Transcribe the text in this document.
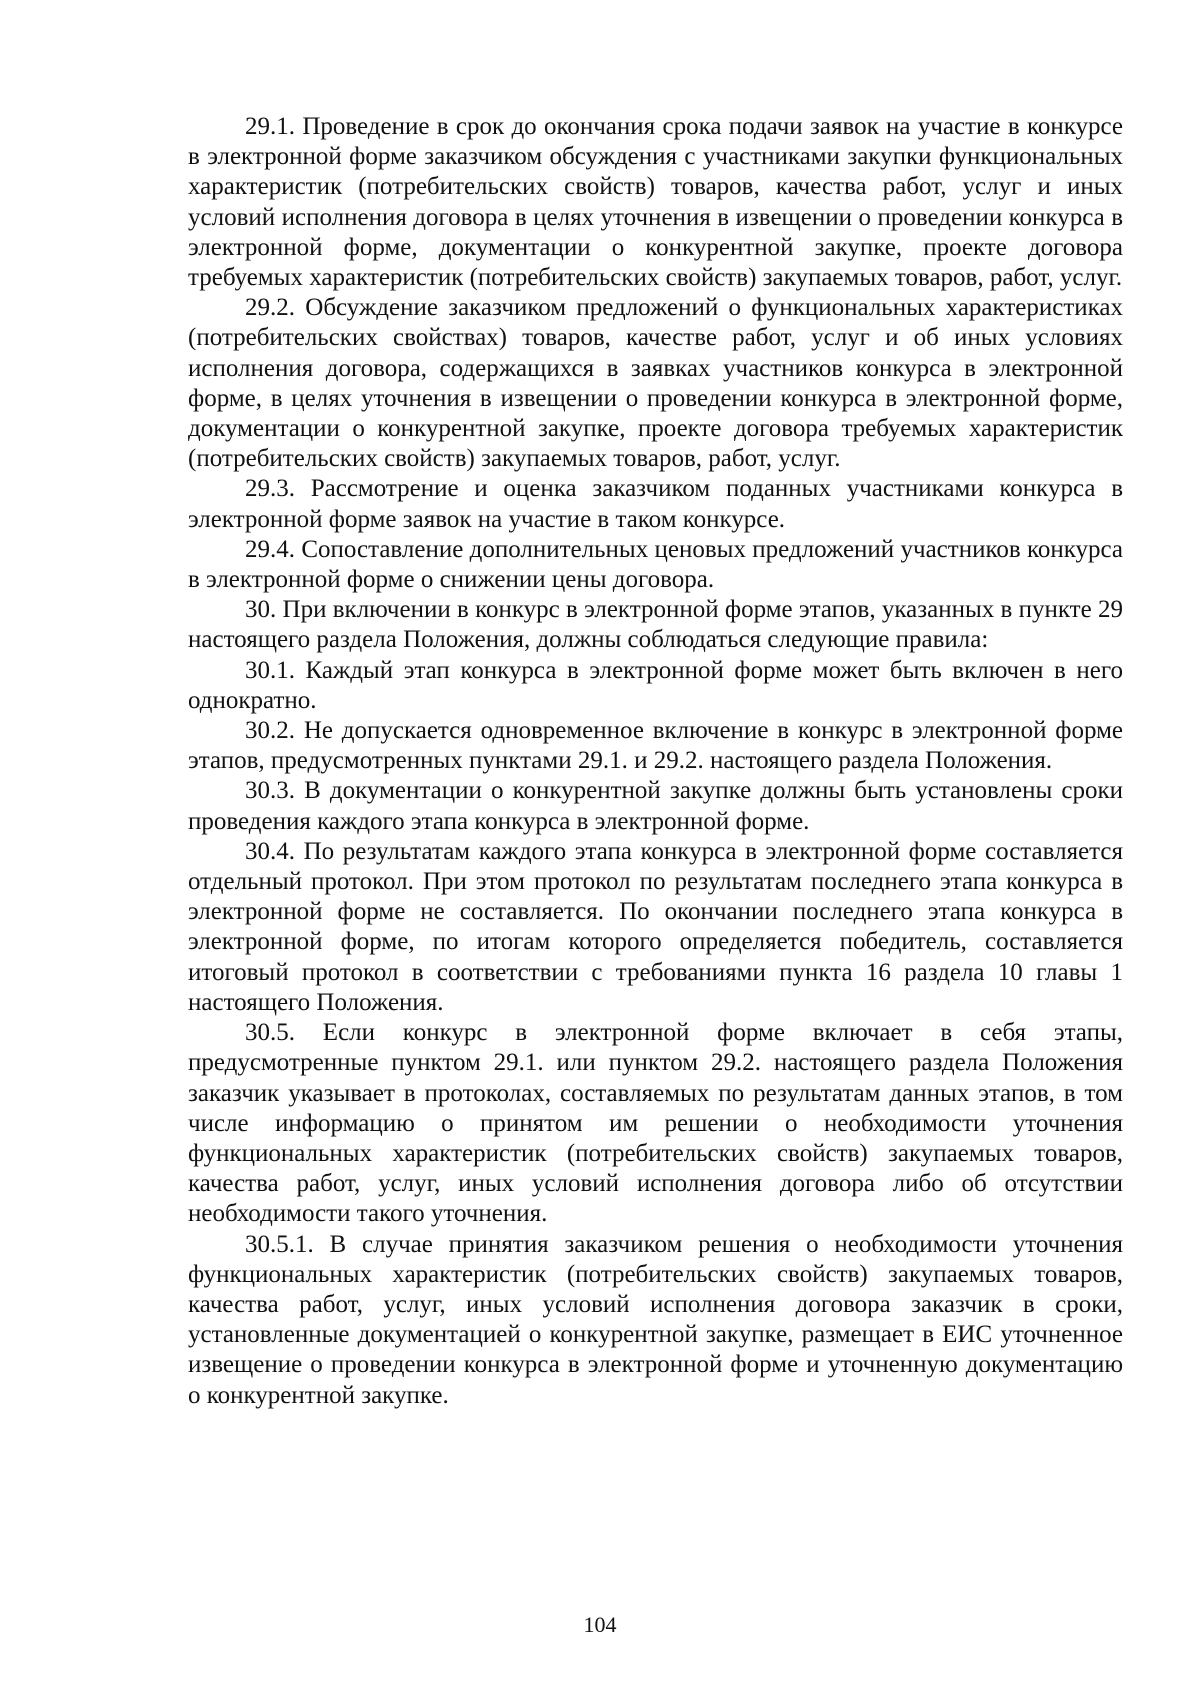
29.1. Проведение в срок до окончания срока подачи заявок на участие в конкурсе в электронной форме заказчиком обсуждения с участниками закупки функциональных характеристик (потребительских свойств) товаров, качества работ, услуг и иных условий исполнения договора в целях уточнения в извещении о проведении конкурса в электронной форме, документации о конкурентной закупке, проекте договора требуемых характеристик (потребительских свойств) закупаемых товаров, работ, услуг.

29.2. Обсуждение заказчиком предложений о функциональных характеристиках (потребительских свойствах) товаров, качестве работ, услуг и об иных условиях исполнения договора, содержащихся в заявках участников конкурса в электронной форме, в целях уточнения в извещении о проведении конкурса в электронной форме, документации о конкурентной закупке, проекте договора требуемых характеристик (потребительских свойств) закупаемых товаров, работ, услуг.

29.3. Рассмотрение и оценка заказчиком поданных участниками конкурса в электронной форме заявок на участие в таком конкурсе.

29.4. Сопоставление дополнительных ценовых предложений участников конкурса в электронной форме о снижении цены договора.

30. При включении в конкурс в электронной форме этапов, указанных в пункте 29 настоящего раздела Положения, должны соблюдаться следующие правила:

30.1. Каждый этап конкурса в электронной форме может быть включен в него однократно.

30.2. Не допускается одновременное включение в конкурс в электронной форме этапов, предусмотренных пунктами 29.1. и 29.2. настоящего раздела Положения.

30.3. В документации о конкурентной закупке должны быть установлены сроки проведения каждого этапа конкурса в электронной форме.

30.4. По результатам каждого этапа конкурса в электронной форме составляется отдельный протокол. При этом протокол по результатам последнего этапа конкурса в электронной форме не составляется. По окончании последнего этапа конкурса в электронной форме, по итогам которого определяется победитель, составляется итоговый протокол в соответствии с требованиями пункта 16 раздела 10 главы 1 настоящего Положения.

30.5. Если конкурс в электронной форме включает в себя этапы, предусмотренные пунктом 29.1. или пунктом 29.2. настоящего раздела Положения заказчик указывает в протоколах, составляемых по результатам данных этапов, в том числе информацию о принятом им решении о необходимости уточнения функциональных характеристик (потребительских свойств) закупаемых товаров, качества работ, услуг, иных условий исполнения договора либо об отсутствии необходимости такого уточнения.

30.5.1. В случае принятия заказчиком решения о необходимости уточнения функциональных характеристик (потребительских свойств) закупаемых товаров, качества работ, услуг, иных условий исполнения договора заказчик в сроки, установленные документацией о конкурентной закупке, размещает в ЕИС уточненное извещение о проведении конкурса в электронной форме и уточненную документацию о конкурентной закупке.

104
